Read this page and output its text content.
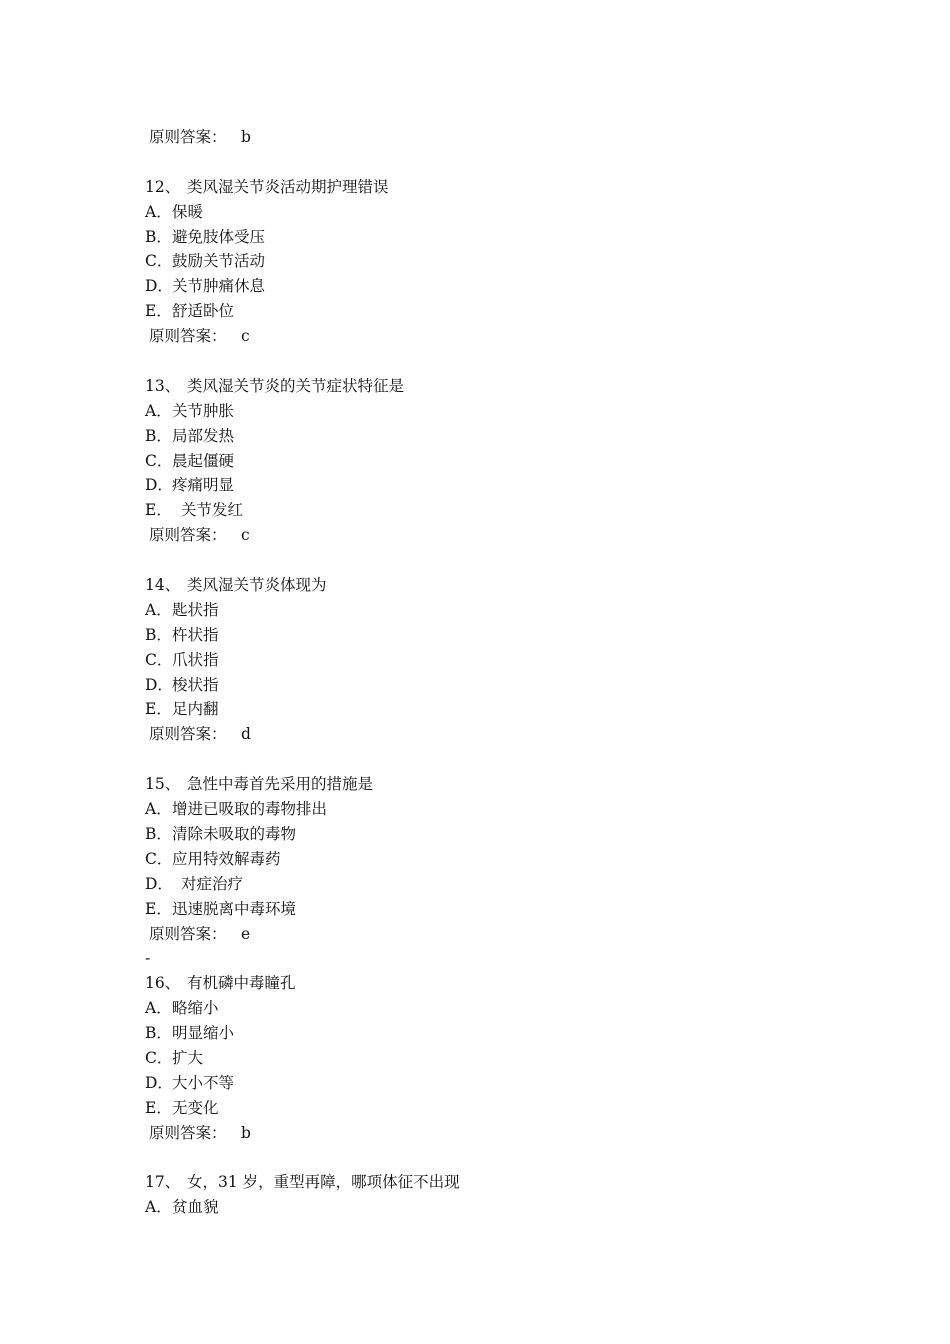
原则答案： b
12、 类风湿关节炎活动期护理错误
A．保暖
B．避免肢体受压
C．鼓励关节活动
D．关节肿痛休息
E．舒适卧位
原则答案： c
13、 类风湿关节炎的关节症状特征是
A．关节肿胀
B．局部发热
C．晨起僵硬
D．疼痛明显
E． 关节发红
原则答案： c
14、 类风湿关节炎体现为
A．匙状指
B．杵状指
C．爪状指
D．梭状指
E．足内翻
原则答案： d
15、 急性中毒首先采用的措施是
A．增进已吸取的毒物排出
B．清除未吸取的毒物
C．应用特效解毒药
D． 对症治疗
E．迅速脱离中毒环境
原则答案： e
-
16、 有机磷中毒瞳孔
A．略缩小
B．明显缩小
C．扩大
D．大小不等
E．无变化
原则答案： b
17、 女，31 岁，重型再障，哪项体征不出现
A．贫血貌
